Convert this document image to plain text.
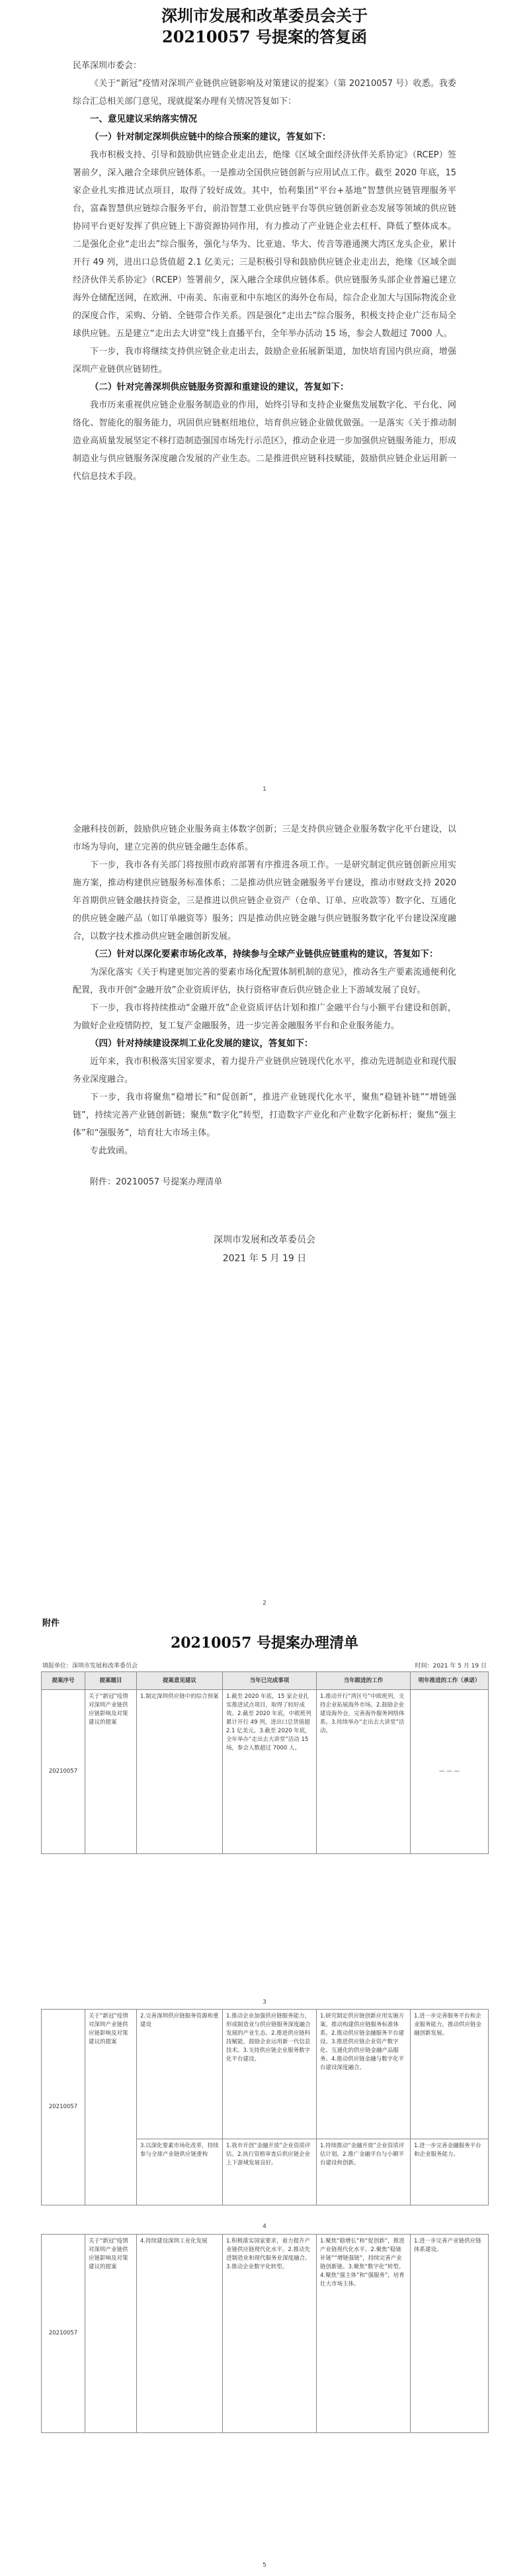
深圳市发展和改革委员会关于
20210057 号提案的答复函

民革深圳市委会：

《关于“新冠”疫情对深圳产业链供应链影响及对策建议的提案》（第 20210057 号）收悉。我委综合汇总相关部门意见，现就提案办理有关情况答复如下：

一、意见建议采纳落实情况

（一）针对制定深圳供应链中的综合预案的建议，答复如下：

我市积极支持、引导和鼓励供应链企业走出去，绝缘《区域全面经济伙伴关系协定》（RCEP）签署前夕，深入融合全球供应链体系。一是推动全国供应链创新与应用试点工作。截至 2020 年底，15 家企业扎实推进试点项目，取得了较好成效。其中，怡利集团“平台+基地”智慧供应链管理服务平台，富森智慧供应链综合服务平台，前沿智慧工业供应链平台等供应链创新业态发展等领域的供应链协同平台更好发挥了供应链上下游资源协同作用，有力推动了产业链企业去杠杆、降低了整体成本。二是强化企业“走出去”综合服务，强化与华为、比亚迪、华大、传音等港通澳大湾区龙头企业，累计开行 49 列，进出口总货值超 2.1 亿美元；三是积极引导和鼓励供应链企业走出去，绝缘《区域全面经济伙伴关系协定》（RCEP）签署前夕，深入融合全球供应链体系。供应链服务头部企业普遍已建立海外仓储配送网，在欧洲、中南美、东南亚和中东地区的海外仓布局，综合企业加大与国际物流企业的深度合作，采购、分销、全链带合作关系。四是强化“走出去”综合服务，积极支持企业广泛布局全球供应链。五是建立“走出去大讲堂”线上直播平台，全年举办活动 15 场，参会人数超过 7000 人。

下一步，我市将继续支持供应链企业走出去，鼓励企业拓展新渠道，加快培育国内供应商，增强深圳产业链供应链韧性。

（二）针对完善深圳供应链服务资源和重建设的建议，答复如下：

我市历来重视供应链企业服务制造业的作用，始终引导和支持企业聚焦发展数字化、平台化、网络化、智能化的服务能力，巩固供应链枢纽地位，培育供应链企业做优做强。一是落实《关于推动制造业高质量发展坚定不移打造制造强国市场先行示范区》，推动企业进一步加强供应链服务能力，形成制造业与供应链服务深度融合发展的产业生态。二是推进供应链科技赋能，鼓励供应链企业运用新一代信息技术手段。

1

金融科技创新，鼓励供应链企业服务商主体数字创新；三是支持供应链企业服务数字化平台建设，以市场为导向，建立完善的供应链金融生态体系。

下一步，我市各有关部门将按照市政府部署有序推进各项工作。一是研究制定供应链创新应用实施方案，推动构建供应链服务标准体系；二是推动供应链金融服务平台建设，推动市财政支持 2020 年首期供应链金融扶持资金，三是推进以供应链企业资产（仓单、订单、应收款等）数字化、互通化的供应链金融产品（如订单融资等）服务；四是推动供应链金融与供应链服务数字化平台建设深度融合，以数字技术推动供应链金融创新发展。

（三）针对以深化要素市场化改革，持续参与全球产业链供应链重构的建议，答复如下：

为深化落实《关于构建更加完善的要素市场化配置体制机制的意见》，推动各生产要素流通便利化配置，我市开创“金融开放”企业资质评估，执行资格审查后供应链企业上下游域发展了良好。

下一步，我市将持续推动“金融开放”企业资质评估计划和推广金融平台与小额平台建设和创新，为做好企业疫情防控，复工复产金融服务，进一步完善金融服务平台和企业服务能力。

（四）针对持续建设深圳工业化发展的建议，答复如下：

近年来，我市积极落实国家要求，着力提升产业链供应链现代化水平，推动先进制造业和现代服务业深度融合。

下一步，我市将聚焦“稳增长”和“促创新”，推进产业链现代化水平，聚焦“稳链补链”“增链强链”，持续完善产业链创新链；聚焦“数字化”转型，打造数字产业化和产业数字化新标杆；聚焦“强主体”和“强服务”，培育壮大市场主体。

专此致函。

附件：20210057 号提案办理清单

深圳市发展和改革委员会
2021 年 5 月 19 日
2
附件
20210057 号提案办理清单
填报单位：深圳市发展和改革委员会	时间：2021 年 5 月 19 日
提案序号	提案题目	提案意见建议	当年已完成事项	当年跟进的工作	明年推进的工作（承诺）
20210057	关于“新冠”疫情对深圳产业链供应链影响及对策建议的提案	1.制定深圳供应链中的综合预案	1.截至 2020 年底，15 家企业扎实推进试点项目，取得了较好成效。2.截至 2020 年底，中欧班列累计开行 49 列，进出口总货值超 2.1 亿美元。3.截至 2020 年底，全年举办“走出去大讲堂”活动 15 场，参会人数超过 7000 人。	1.推动开行“湾区号”中欧班列，支持企业拓展海外市场。2.鼓励企业建设海外仓，完善海外服务网络体系。3.持续举办“走出去大讲堂”活动。	— — —
3
20210057	关于“新冠”疫情对深圳产业链供应链影响及对策建议的提案	2.完善深圳供应链服务资源和重建设	1.推动企业加强供应链服务能力，形成制造业与供应链服务深度融合发展的产业生态。2.推进供应链科技赋能，鼓励企业运用新一代信息技术。3.支持供应链企业服务数字化平台建设。	1.研究制定供应链创新应用实施方案，推动构建供应链服务标准体系。2.推动供应链金融服务平台建设。3.推进供应链企业资产数字化、互通化的供应链金融产品服务。4.推动供应链金融与数字化平台建设深度融合。	1.进一步完善服务平台和企业服务能力，推动供应链金融创新发展。
		3.以深化要素市场化改革，持续参与全球产业链供应链重构	1.我市开创“金融开放”企业资质评估。2.执行资格审查后供应链企业上下游域发展良好。	1.持续推动“金融开放”企业资质评估计划。2.推广金融平台与小额平台建设和创新。	1.进一步完善金融服务平台和企业服务能力。
4
20210057	关于“新冠”疫情对深圳产业链供应链影响及对策建议的提案	4.持续建设深圳工业化发展	1.积极落实国家要求，着力提升产业链供应链现代化水平。2.推动先进制造业和现代服务业深度融合。3.推动企业数字化转型。	1.聚焦“稳增长”和“促创新”，推进产业链现代化水平。2.聚焦“稳链补链”“增链强链”，持续完善产业链创新链。3.聚焦“数字化”转型。4.聚焦“强主体”和“强服务”，培育壮大市场主体。	1.进一步完善产业链供应链体系建设。
5
